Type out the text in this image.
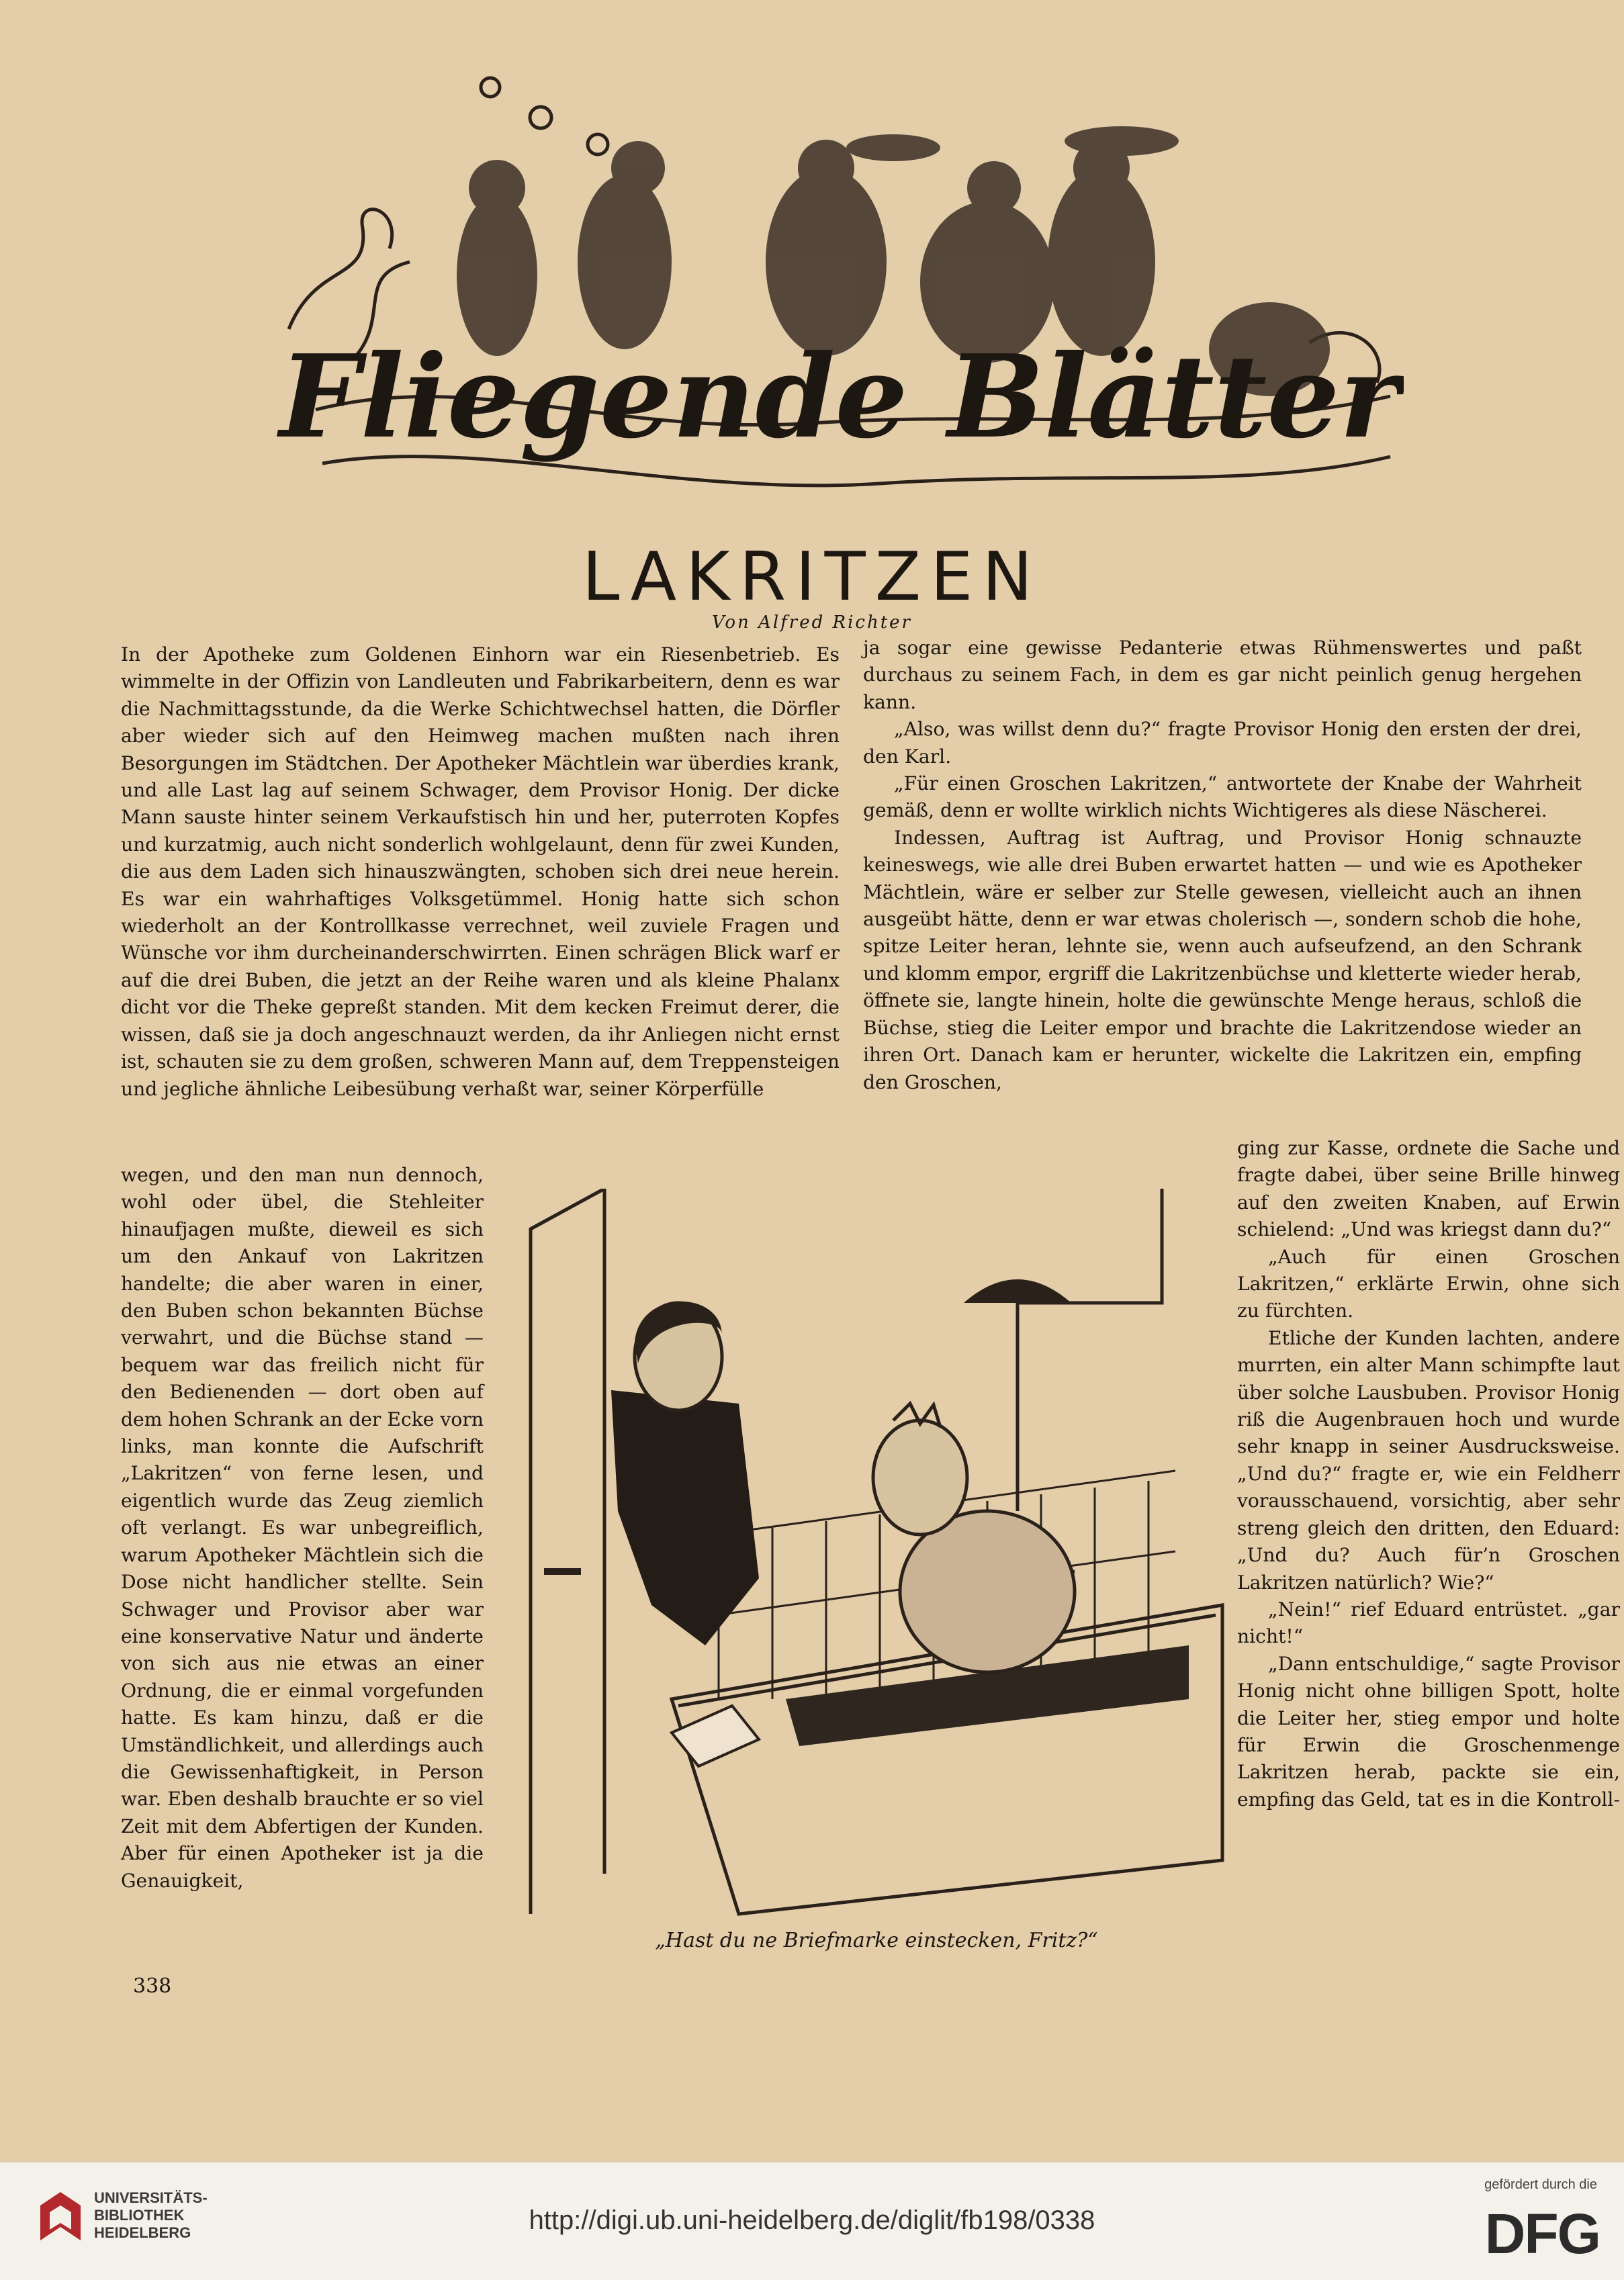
Fliegende Blätter
LAKRITZEN
Von Alfred Richter

In der Apotheke zum Goldenen Einhorn war ein Riesenbetrieb. Es wimmelte in der Offizin von Landleuten und Fabrikarbeitern, denn es war die Nachmittagsstunde, da die Werke Schichtwechsel hatten, die Dörfler aber wieder sich auf den Heimweg machen mußten nach ihren Besorgungen im Städtchen. Der Apotheker Mächtlein war überdies krank, und alle Last lag auf seinem Schwager, dem Provisor Honig. Der dicke Mann sauste hinter seinem Verkaufstisch hin und her, puterroten Kopfes und kurzatmig, auch nicht sonderlich wohlgelaunt, denn für zwei Kunden, die aus dem Laden sich hinauszwängten, schoben sich drei neue herein. Es war ein wahrhaftiges Volksgetümmel. Honig hatte sich schon wiederholt an der Kontrollkasse verrechnet, weil zuviele Fragen und Wünsche vor ihm durcheinanderschwirrten. Einen schrägen Blick warf er auf die drei Buben, die jetzt an der Reihe waren und als kleine Phalanx dicht vor die Theke gepreßt standen. Mit dem kecken Freimut derer, die wissen, daß sie ja doch angeschnauzt werden, da ihr Anliegen nicht ernst ist, schauten sie zu dem großen, schweren Mann auf, dem Treppensteigen und jegliche ähnliche Leibesübung verhaßt war, seiner Körperfülle

wegen, und den man nun dennoch, wohl oder übel, die Stehleiter hinaufjagen mußte, dieweil es sich um den Ankauf von Lakritzen handelte; die aber waren in einer, den Buben schon bekannten Büchse verwahrt, und die Büchse stand — bequem war das freilich nicht für den Bedienenden — dort oben auf dem hohen Schrank an der Ecke vorn links, man konnte die Aufschrift „Lakritzen“ von ferne lesen, und eigentlich wurde das Zeug ziemlich oft verlangt. Es war unbegreiflich, warum Apotheker Mächtlein sich die Dose nicht handlicher stellte. Sein Schwager und Provisor aber war eine konservative Natur und änderte von sich aus nie etwas an einer Ordnung, die er einmal vorgefunden hatte. Es kam hinzu, daß er die Umständlichkeit, und allerdings auch die Gewissenhaftigkeit, in Person war. Eben deshalb brauchte er so viel Zeit mit dem Abfertigen der Kunden. Aber für einen Apotheker ist ja die Genauigkeit,

ja sogar eine gewisse Pedanterie etwas Rühmenswertes und paßt durchaus zu seinem Fach, in dem es gar nicht peinlich genug hergehen kann.

„Also, was willst denn du?“ fragte Provisor Honig den ersten der drei, den Karl.

„Für einen Groschen Lakritzen,“ antwortete der Knabe der Wahrheit gemäß, denn er wollte wirklich nichts Wichtigeres als diese Näscherei.

Indessen, Auftrag ist Auftrag, und Provisor Honig schnauzte keineswegs, wie alle drei Buben erwartet hatten — und wie es Apotheker Mächtlein, wäre er selber zur Stelle gewesen, vielleicht auch an ihnen ausgeübt hätte, denn er war etwas cholerisch —, sondern schob die hohe, spitze Leiter heran, lehnte sie, wenn auch aufseufzend, an den Schrank und klomm empor, ergriff die Lakritzenbüchse und kletterte wieder herab, öffnete sie, langte hinein, holte die gewünschte Menge heraus, schloß die Büchse, stieg die Leiter empor und brachte die Lakritzendose wieder an ihren Ort. Danach kam er herunter, wickelte die Lakritzen ein, empfing den Groschen,

ging zur Kasse, ordnete die Sache und fragte dabei, über seine Brille hinweg auf den zweiten Knaben, auf Erwin schielend: „Und was kriegst dann du?“

„Auch für einen Groschen Lakritzen,“ erklärte Erwin, ohne sich zu fürchten.

Etliche der Kunden lachten, andere murrten, ein alter Mann schimpfte laut über solche Lausbuben. Provisor Honig riß die Augenbrauen hoch und wurde sehr knapp in seiner Ausdrucksweise. „Und du?“ fragte er, wie ein Feldherr vorausschauend, vorsichtig, aber sehr streng gleich den dritten, den Eduard: „Und du? Auch für’n Groschen Lakritzen natürlich? Wie?“

„Nein!“ rief Eduard entrüstet. „gar nicht!“

„Dann entschuldige,“ sagte Provisor Honig nicht ohne billigen Spott, holte die Leiter her, stieg empor und holte für Erwin die Groschenmenge Lakritzen herab, packte sie ein, empfing das Geld, tat es in die Kontroll-

„Hast du ne Briefmarke einstecken, Fritz?“
338
UNIVERSITÄTS-
BIBLIOTHEK
HEIDELBERG	http://digi.ub.uni-heidelberg.de/diglit/fb198/0338
gefördert durch die
DFG
